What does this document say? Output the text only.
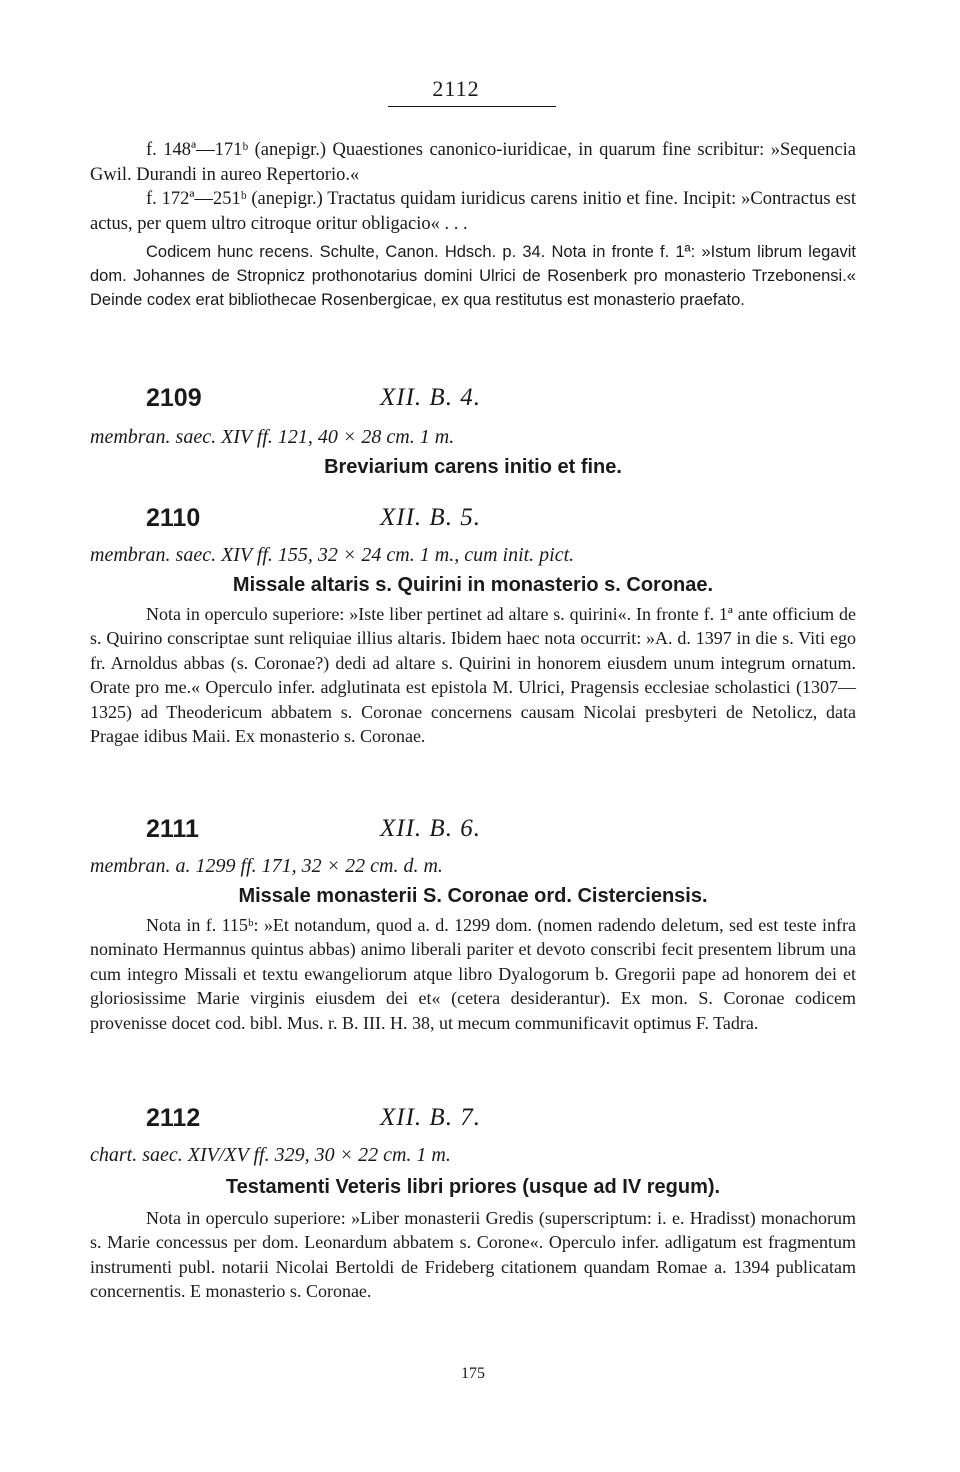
2112

f. 148ª—171ᵇ (anepigr.) Quaestiones canonico-iuridicae, in quarum fine scribitur: »Sequencia Gwil. Durandi in aureo Repertorio.«

f. 172ª—251ᵇ (anepigr.) Tractatus quidam iuridicus carens initio et fine. Incipit: »Contractus est actus, per quem ultro citroque oritur obligacio« . . .

Codicem hunc recens. Schulte, Canon. Hdsch. p. 34. Nota in fronte f. 1ª: »Istum librum legavit dom. Johannes de Stropnicz prothonotarius domini Ulrici de Rosenberk pro monasterio Trzebonensi.« Deinde codex erat bibliothecae Rosenbergicae, ex qua restitutus est monasterio praefato.

2109	XII. B. 4.
membran. saec. XIV ff. 121, 40 × 28 cm. 1 m.
Breviarium carens initio et fine.
2110	XII. B. 5.
membran. saec. XIV ff. 155, 32 × 24 cm. 1 m., cum init. pict.
Missale altaris s. Quirini in monasterio s. Coronae.

Nota in operculo superiore: »Iste liber pertinet ad altare s. quirini«. In fronte f. 1ª ante officium de s. Quirino conscriptae sunt reliquiae illius altaris. Ibidem haec nota occurrit: »A. d. 1397 in die s. Viti ego fr. Arnoldus abbas (s. Coronae?) dedi ad altare s. Quirini in honorem eiusdem unum integrum ornatum. Orate pro me.« Operculo infer. adglutinata est epistola M. Ulrici, Pragensis ecclesiae scholastici (1307—1325) ad Theodericum abbatem s. Coronae concernens causam Nicolai presbyteri de Netolicz, data Pragae idibus Maii. Ex monasterio s. Coronae.

2111	XII. B. 6.
membran. a. 1299 ff. 171, 32 × 22 cm. d. m.
Missale monasterii S. Coronae ord. Cisterciensis.

Nota in f. 115ᵇ: »Et notandum, quod a. d. 1299 dom. (nomen radendo deletum, sed est teste infra nominato Hermannus quintus abbas) animo liberali pariter et devoto conscribi fecit presentem librum una cum integro Missali et textu ewangeliorum atque libro Dyalogorum b. Gregorii pape ad honorem dei et gloriosissime Marie virginis eiusdem dei et« (cetera desiderantur). Ex mon. S. Coronae codicem provenisse docet cod. bibl. Mus. r. B. III. H. 38, ut mecum communificavit optimus F. Tadra.

2112	XII. B. 7.
chart. saec. XIV/XV ff. 329, 30 × 22 cm. 1 m.
Testamenti Veteris libri priores (usque ad IV regum).

Nota in operculo superiore: »Liber monasterii Gredis (superscriptum: i. e. Hradisst) monachorum s. Marie concessus per dom. Leonardum abbatem s. Corone«. Operculo infer. adligatum est fragmentum instrumenti publ. notarii Nicolai Bertoldi de Frideberg citationem quandam Romae a. 1394 publicatam concernentis. E monasterio s. Coronae.

175
